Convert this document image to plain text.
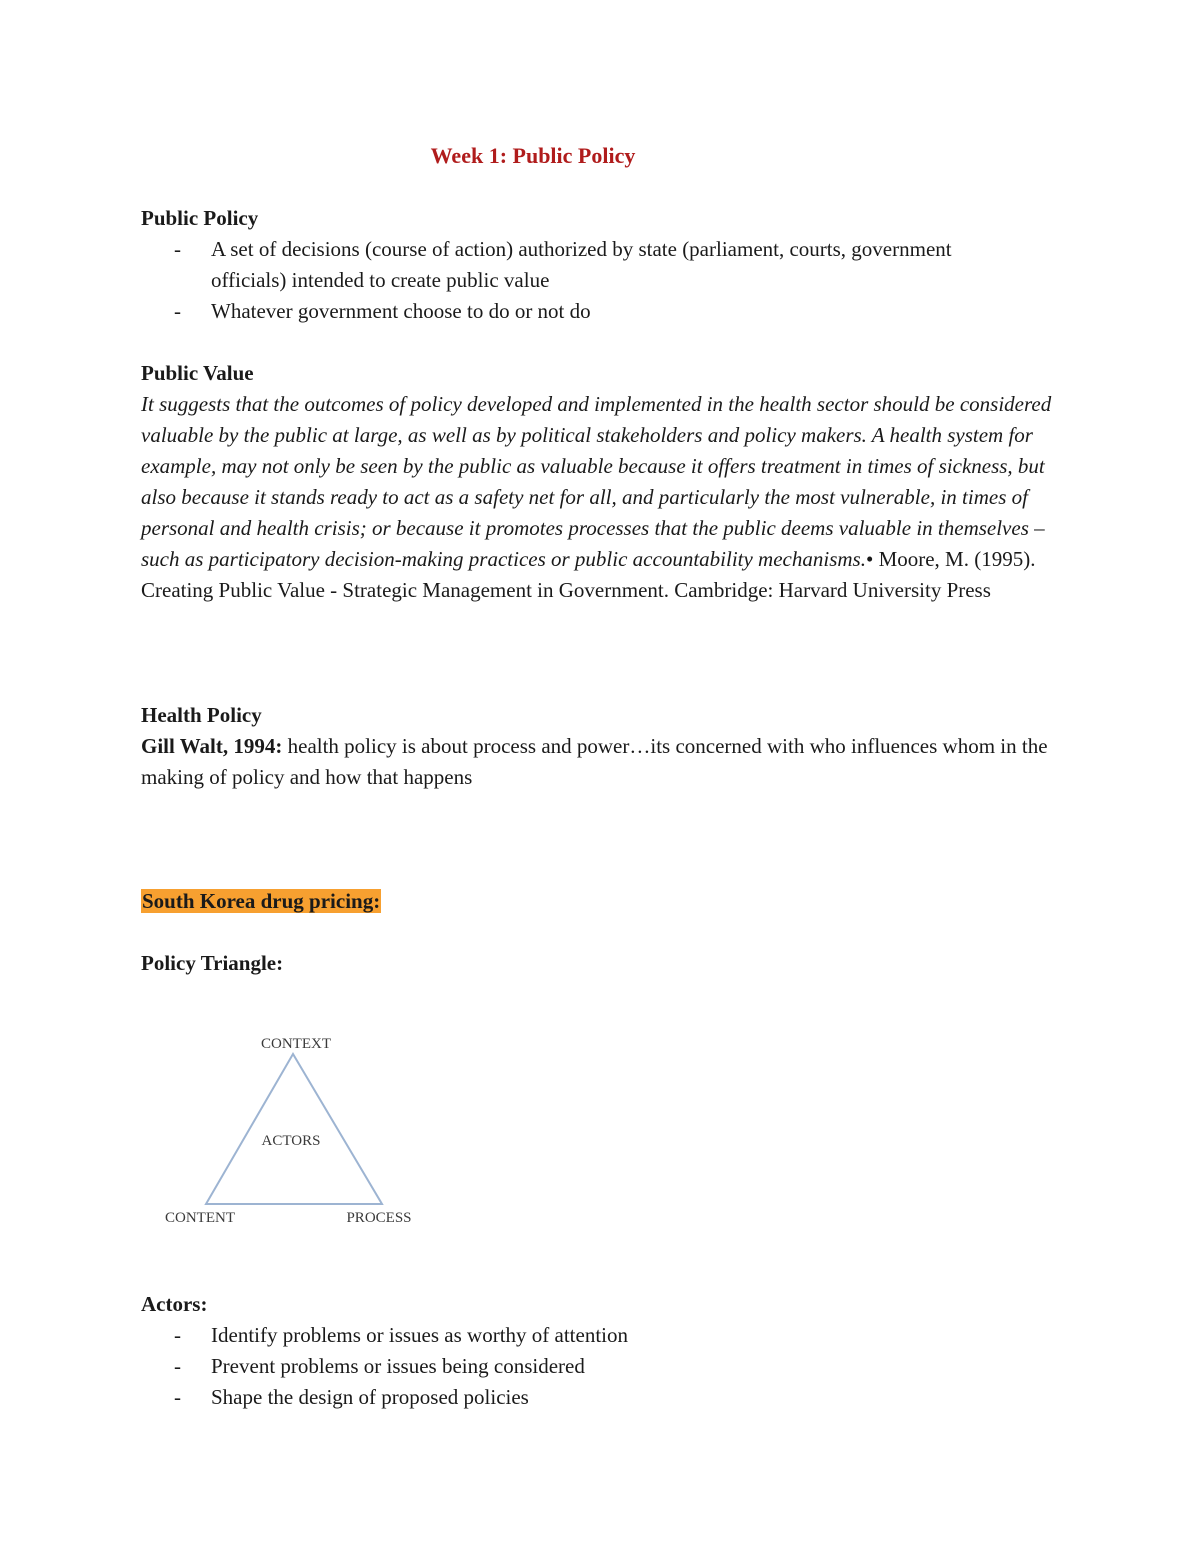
Week 1: Public Policy
Public Policy
- A set of decisions (course of action) authorized by state (parliament, courts, government
officials) intended to create public value
- Whatever government choose to do or not do
Public Value
It suggests that the outcomes of policy developed and implemented in the health sector should be considered valuable by the public at large, as well as by political stakeholders and policy makers. A health system for example, may not only be seen by the public as valuable because it offers treatment in times of sickness, but also because it stands ready to act as a safety net for all, and particularly the most vulnerable, in times of personal and health crisis; or because it promotes processes that the public deems valuable in themselves – such as participatory decision-making practices or public accountability mechanisms.• Moore, M. (1995). Creating Public Value - Strategic Management in Government. Cambridge: Harvard University Press
Health Policy
Gill Walt, 1994: health policy is about process and power…its concerned with who influences whom in the making of policy and how that happens
South Korea drug pricing:
Policy Triangle:
CONTEXT
ACTORS
CONTENT	PROCESS
Actors:
- Identify problems or issues as worthy of attention
- Prevent problems or issues being considered
- Shape the design of proposed policies
